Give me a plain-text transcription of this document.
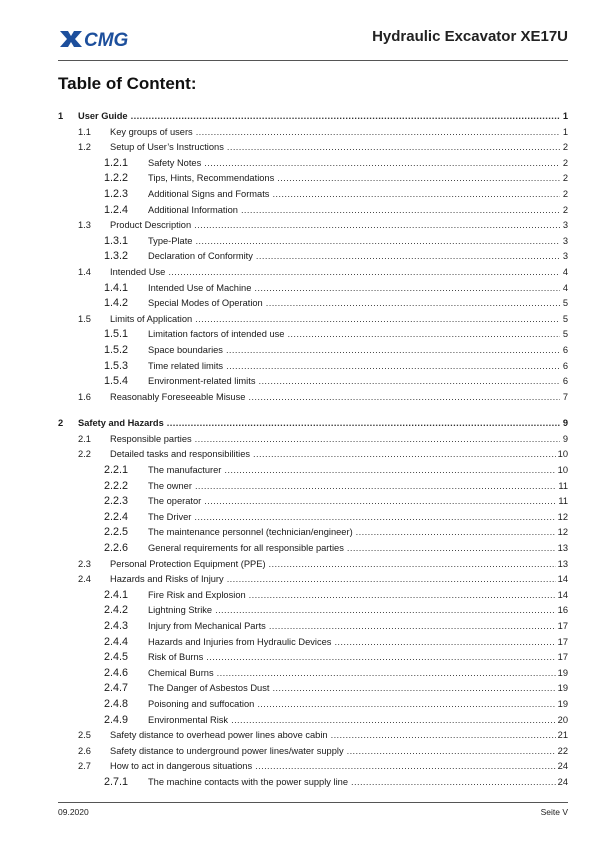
CMG	Hydraulic Excavator XE17U
Table of Content:
1 User Guide .....	1
1.1 Key groups of users .....	1
1.2 Setup of User’s Instructions .....	2
1.2.1 Safety Notes .....	2
1.2.2 Tips, Hints, Recommendations .....	2
1.2.3 Additional Signs and Formats .....	2
1.2.4 Additional Information .....	2
1.3 Product Description .....	3
1.3.1 Type-Plate .....	3
1.3.2 Declaration of Conformity .....	3
1.4 Intended Use .....	4
1.4.1 Intended Use of Machine .....	4
1.4.2 Special Modes of Operation .....	5
1.5 Limits of Application .....	5
1.5.1 Limitation factors of intended use .....	5
1.5.2 Space boundaries .....	6
1.5.3 Time related limits .....	6
1.5.4 Environment-related limits .....	6
1.6 Reasonably Foreseeable Misuse .....	7
2 Safety and Hazards .....	9
2.1 Responsible parties .....	9
2.2 Detailed tasks and responsibilities .....	10
2.2.1 The manufacturer .....	10
2.2.2 The owner .....	11
2.2.3 The operator .....	11
2.2.4 The Driver .....	12
2.2.5 The maintenance personnel (technician/engineer) .....	12
2.2.6 General requirements for all responsible parties .....	13
2.3 Personal Protection Equipment (PPE) .....	13
2.4 Hazards and Risks of Injury .....	14
2.4.1 Fire Risk and Explosion .....	14
2.4.2 Lightning Strike .....	16
2.4.3 Injury from Mechanical Parts .....	17
2.4.4 Hazards and Injuries from Hydraulic Devices .....	17
2.4.5 Risk of Burns .....	17
2.4.6 Chemical Burns .....	19
2.4.7 The Danger of Asbestos Dust .....	19
2.4.8 Poisoning and suffocation .....	19
2.4.9 Environmental Risk .....	20
2.5 Safety distance to overhead power lines above cabin .....	21
2.6 Safety distance to underground power lines/water supply .....	22
2.7 How to act in dangerous situations .....	24
2.7.1 The machine contacts with the power supply line .....	24
09.2020	Seite V
